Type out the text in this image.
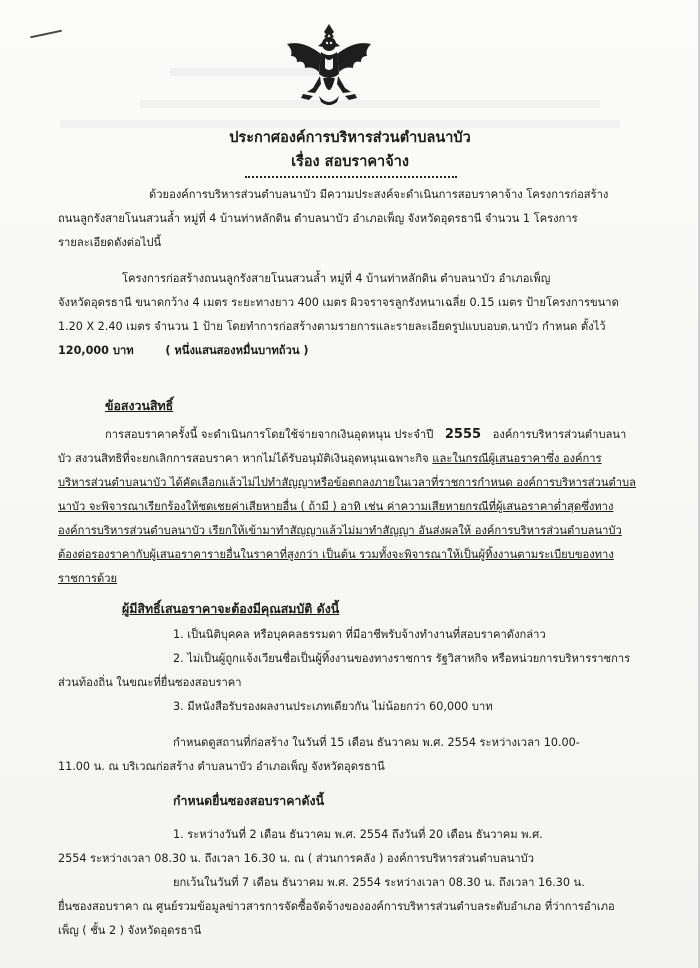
ประกาศองค์การบริหารส่วนตำบลนาบัว
เรื่อง สอบราคาจ้าง
ด้วยองค์การบริหารส่วนตำบลนาบัว มีความประสงค์จะดำเนินการสอบราคาจ้าง โครงการก่อสร้าง
ถนนลูกรังสายโนนสวนล้ำ หมู่ที่ 4 บ้านท่าหลักดิน ตำบลนาบัว อำเภอเพ็ญ จังหวัดอุดรธานี จำนวน 1 โครงการ
รายละเอียดดังต่อไปนี้
โครงการก่อสร้างถนนลูกรังสายโนนสวนล้ำ หมู่ที่ 4 บ้านท่าหลักดิน ตำบลนาบัว อำเภอเพ็ญ
จังหวัดอุดรธานี ขนาดกว้าง 4 เมตร ระยะทางยาว 400 เมตร ผิวจราจรลูกรังหนาเฉลี่ย 0.15 เมตร ป้ายโครงการขนาด
1.20 X 2.40 เมตร จำนวน 1 ป้าย โดยทำการก่อสร้างตามรายการและรายละเอียดรูปแบบอบต.นาบัว กำหนด ตั้งไว้
120,000 บาท	( หนึ่งแสนสองหมื่นบาทถ้วน )
ข้อสงวนสิทธิ์
การสอบราคาครั้งนี้ จะดำเนินการโดยใช้จ่ายจากเงินอุดหนุน ประจำปี 2555 องค์การบริหารส่วนตำบลนา
บัว สงวนสิทธิที่จะยกเลิกการสอบราคา หากไม่ได้รับอนุมัติเงินอุดหนุนเฉพาะกิจ และในกรณีผู้เสนอราคาซึ่ง องค์การ
บริหารส่วนตำบลนาบัว ได้คัดเลือกแล้วไม่ไปทำสัญญาหรือข้อตกลงภายในเวลาที่ราชการกำหนด องค์การบริหารส่วนตำบล
นาบัว จะพิจารณาเรียกร้องให้ชดเชยค่าเสียหายอื่น ( ถ้ามี ) อาทิ เช่น ค่าความเสียหายกรณีที่ผู้เสนอราคาต่ำสุดซึ่งทาง
องค์การบริหารส่วนตำบลนาบัว เรียกให้เข้ามาทำสัญญาแล้วไม่มาทำสัญญา อันส่งผลให้ องค์การบริหารส่วนตำบลนาบัว
ต้องต่อรองราคากับผู้เสนอราคารายอื่นในราคาที่สูงกว่า เป็นต้น รวมทั้งจะพิจารณาให้เป็นผู้ทิ้งงานตามระเบียบของทาง
ราชการด้วย
ผู้มีสิทธิ์เสนอราคาจะต้องมีคุณสมบัติ ดังนี้
1. เป็นนิติบุคคล หรือบุคคลธรรมดา ที่มีอาชีพรับจ้างทำงานที่สอบราคาดังกล่าว
2. ไม่เป็นผู้ถูกแจ้งเวียนชื่อเป็นผู้ทิ้งงานของทางราชการ รัฐวิสาหกิจ หรือหน่วยการบริหารราชการ
ส่วนท้องถิ่น ในขณะที่ยื่นซองสอบราคา
3. มีหนังสือรับรองผลงานประเภทเดียวกัน ไม่น้อยกว่า 60,000 บาท
กำหนดดูสถานที่ก่อสร้าง ในวันที่ 15 เดือน ธันวาคม พ.ศ. 2554 ระหว่างเวลา 10.00-
11.00 น. ณ บริเวณก่อสร้าง ตำบลนาบัว อำเภอเพ็ญ จังหวัดอุดรธานี
กำหนดยื่นซองสอบราคาดังนี้
1. ระหว่างวันที่ 2 เดือน ธันวาคม พ.ศ. 2554 ถึงวันที่ 20 เดือน ธันวาคม พ.ศ.
2554 ระหว่างเวลา 08.30 น. ถึงเวลา 16.30 น. ณ ( ส่วนการคลัง ) องค์การบริหารส่วนตำบลนาบัว
ยกเว้นในวันที่ 7 เดือน ธันวาคม พ.ศ. 2554 ระหว่างเวลา 08.30 น. ถึงเวลา 16.30 น.
ยื่นซองสอบราคา ณ ศูนย์รวมข้อมูลข่าวสารการจัดซื้อจัดจ้างขององค์การบริหารส่วนตำบลระดับอำเภอ ที่ว่าการอำเภอ
เพ็ญ ( ชั้น 2 ) จังหวัดอุดรธานี
